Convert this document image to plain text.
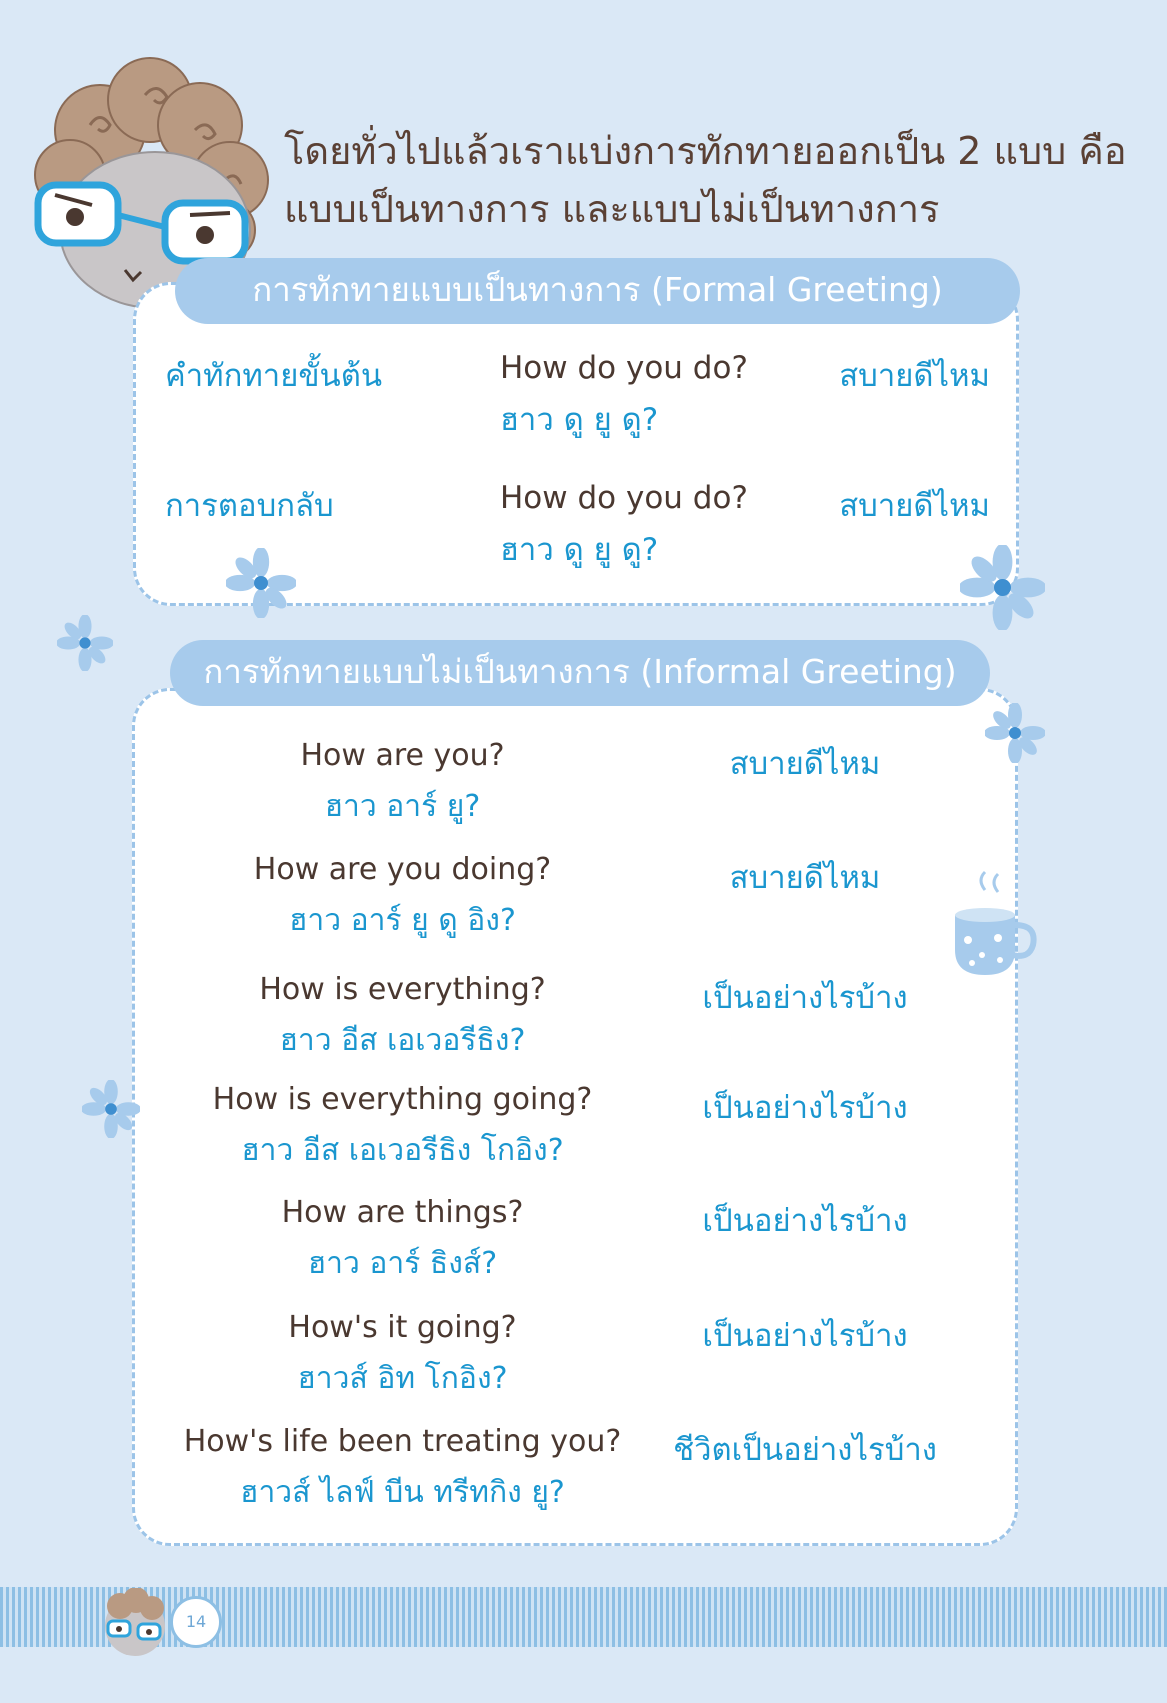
โดยทั่วไปแล้วเราแบ่งการทักทายออกเป็น 2 แบบ คือ

แบบเป็นทางการ และแบบไม่เป็นทางการ

การทักทายแบบเป็นทางการ (Formal Greeting)
คำทักทายขั้นต้น	How do you do?
ฮาว ดู ยู ดู?
สบายดีไหม
การตอบกลับ	How do you do?
ฮาว ดู ยู ดู?
สบายดีไหม
การทักทายแบบไม่เป็นทางการ (Informal Greeting)
How are you?
ฮาว อาร์ ยู?
สบายดีไหม
How are you doing?
ฮาว อาร์ ยู ดู อิง?
สบายดีไหม
How is everything?
ฮาว อีส เอเวอรีธิง?
เป็นอย่างไรบ้าง
How is everything going?
ฮาว อีส เอเวอรีธิง โกอิง?
เป็นอย่างไรบ้าง
How are things?
ฮาว อาร์ ธิงส์?
เป็นอย่างไรบ้าง
How's it going?
ฮาวส์ อิท โกอิง?
เป็นอย่างไรบ้าง
How's life been treating you?
ฮาวส์ ไลฟ์ บีน ทรีทกิง ยู?
ชีวิตเป็นอย่างไรบ้าง
14
